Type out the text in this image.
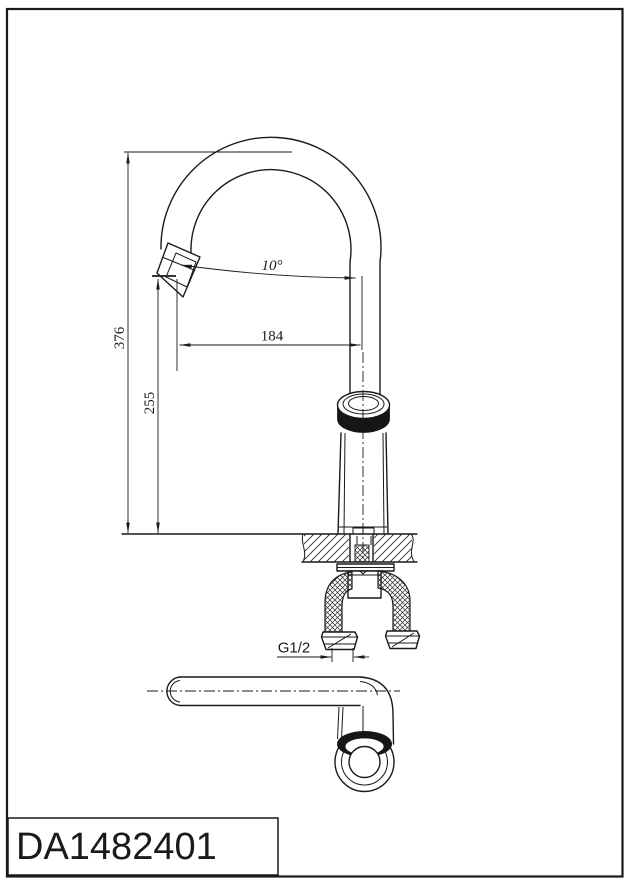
376
255
184
10°
G1/2
DA1482401
